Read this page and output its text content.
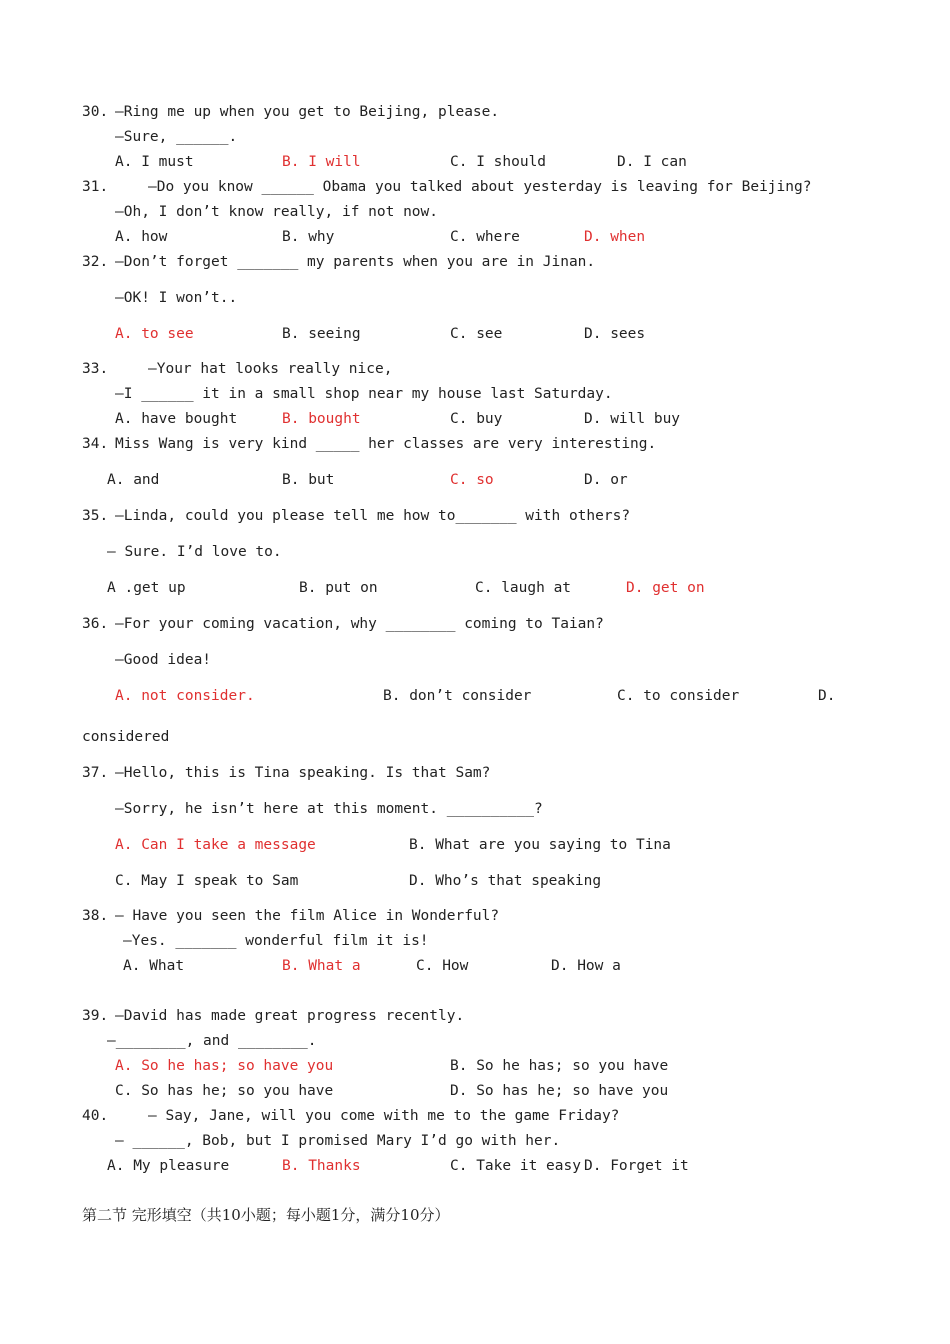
30. —Ring me up when you get to Beijing, please.
—Sure, ______.
A. I must	B. I will	C. I should	D. I can
31.	—Do you know ______ Obama you talked about yesterday is leaving for Beijing?
—Oh, I don’t know really, if not now.
A. how	B. why	C. where	D. when
32. —Don’t forget _______ my parents when you are in Jinan.
—OK! I won’t..
A. to see	B. seeing	C. see	D. sees
33.	—Your hat looks really nice,
—I ______ it in a small shop near my house last Saturday.
A. have bought	B. bought	C. buy	D. will buy
34. Miss Wang is very kind _____ her classes are very interesting.
A. and	B. but	C. so	D. or
35. —Linda, could you please tell me how to_______ with others?
— Sure. I’d love to.
A .get up	B. put on	C. laugh at	D. get on
36. —For your coming vacation, why ________ coming to Taian?
—Good idea!
A. not consider.	B. don’t consider	C. to consider	D.
considered
37. —Hello, this is Tina speaking. Is that Sam?
—Sorry, he isn’t here at this moment. __________?
A. Can I take a message	B. What are you saying to Tina
C. May I speak to Sam	D. Who’s that speaking
38. — Have you seen the film Alice in Wonderful?
—Yes. _______ wonderful film it is!
A. What	B. What a	C. How	D. How a
39. —David has made great progress recently.
—________, and ________.
A. So he has; so have you	B. So he has; so you have
C. So has he; so you have	D. So has he; so have you
40.	— Say, Jane, will you come with me to the game Friday?
— ______, Bob, but I promised Mary I’d go with her.
A. My pleasure	B. Thanks	C. Take it easy D. Forget it
第二节 完形填空（共10小题；每小题1分，满分10分）
